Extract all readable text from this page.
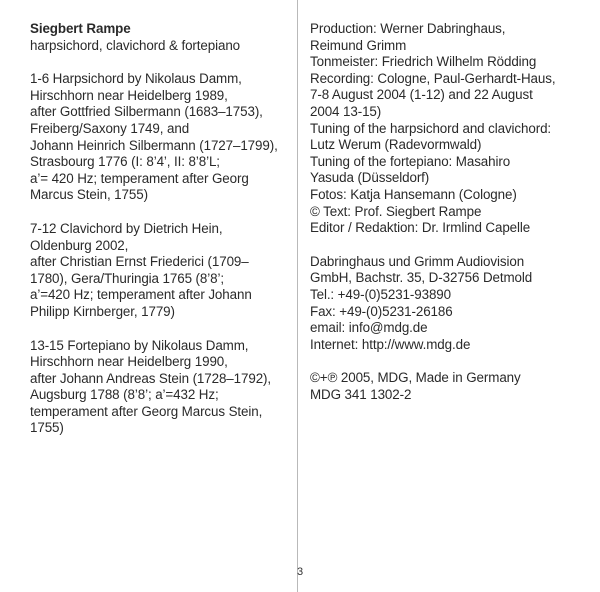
Siegbert Rampe
harpsichord, clavichord & fortepiano
1-6 Harpsichord by Nikolaus Damm,
Hirschhorn near Heidelberg 1989,
after Gottfried Silbermann (1683–1753),
Freiberg/Saxony 1749, and
Johann Heinrich Silbermann (1727–1799),
Strasbourg 1776 (I: 8’4’, II: 8’8’L;
a’= 420 Hz; temperament after Georg
Marcus Stein, 1755)
7-12 Clavichord by Dietrich Hein,
Oldenburg 2002,
after Christian Ernst Friederici (1709–
1780), Gera/Thuringia 1765 (8’8’;
a’=420 Hz; temperament after Johann
Philipp Kirnberger, 1779)
13-15 Fortepiano by Nikolaus Damm,
Hirschhorn near Heidelberg 1990,
after Johann Andreas Stein (1728–1792),
Augsburg 1788 (8’8’; a’=432 Hz;
temperament after Georg Marcus Stein,
1755)
Production: Werner Dabringhaus,
Reimund Grimm
Tonmeister: Friedrich Wilhelm Rödding
Recording: Cologne, Paul-Gerhardt-Haus,
7-8 August 2004 (1-12) and 22 August
2004 13-15)
Tuning of the harpsichord and clavichord:
Lutz Werum (Radevormwald)
Tuning of the fortepiano: Masahiro
Yasuda (Düsseldorf)
Fotos: Katja Hansemann (Cologne)
© Text: Prof. Siegbert Rampe
Editor / Redaktion: Dr. Irmlind Capelle
Dabringhaus und Grimm Audiovision
GmbH, Bachstr. 35, D-32756 Detmold
Tel.: +49-(0)5231-93890
Fax: +49-(0)5231-26186
email: info@mdg.de
Internet: http://www.mdg.de
©+℗ 2005, MDG, Made in Germany
MDG 341 1302-2
3
